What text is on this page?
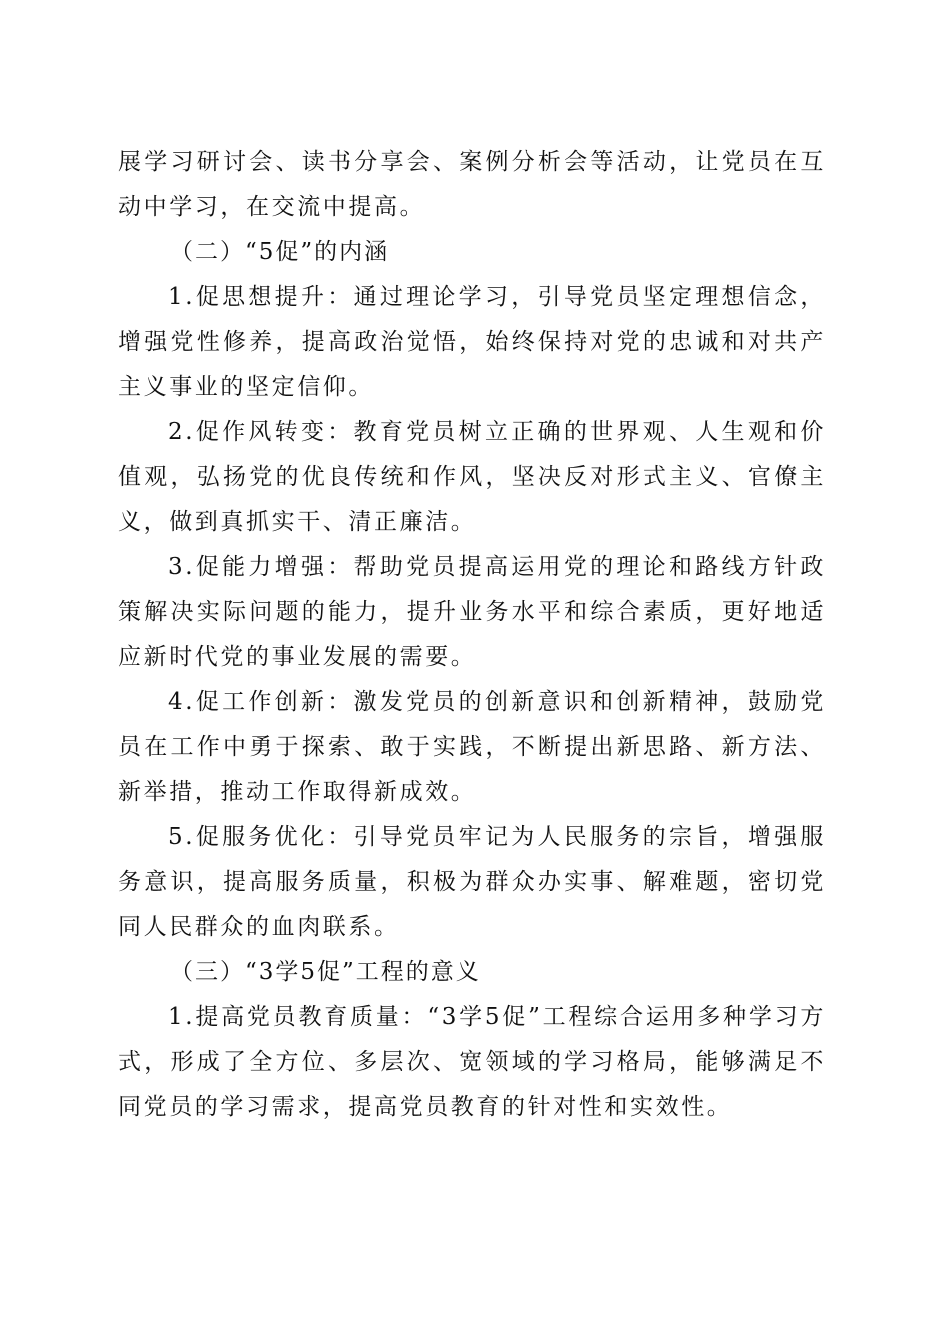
展学习研讨会、读书分享会、案例分析会等活动，让党员在互动中学习，在交流中提高。

（二）“5促”的内涵

1.促思想提升：通过理论学习，引导党员坚定理想信念，增强党性修养，提高政治觉悟，始终保持对党的忠诚和对共产主义事业的坚定信仰。

2.促作风转变：教育党员树立正确的世界观、人生观和价值观，弘扬党的优良传统和作风，坚决反对形式主义、官僚主义，做到真抓实干、清正廉洁。

3.促能力增强：帮助党员提高运用党的理论和路线方针政策解决实际问题的能力，提升业务水平和综合素质，更好地适应新时代党的事业发展的需要。

4.促工作创新：激发党员的创新意识和创新精神，鼓励党员在工作中勇于探索、敢于实践，不断提出新思路、新方法、新举措，推动工作取得新成效。

5.促服务优化：引导党员牢记为人民服务的宗旨，增强服务意识，提高服务质量，积极为群众办实事、解难题，密切党同人民群众的血肉联系。

（三）“3学5促”工程的意义

1.提高党员教育质量：“3学5促”工程综合运用多种学习方式，形成了全方位、多层次、宽领域的学习格局，能够满足不同党员的学习需求，提高党员教育的针对性和实效性。
